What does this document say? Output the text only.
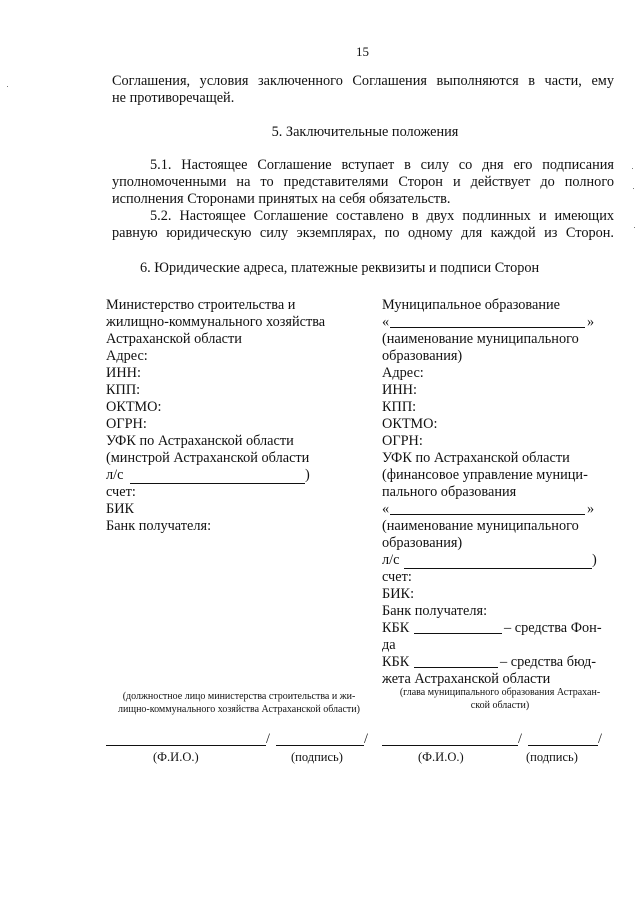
15
Соглашения, условия заключенного Соглашения выполняются в части, ему
не противоречащей.
5. Заключительные положения
5.1. Настоящее Соглашение вступает в силу со дня его подписания
уполномоченными на то представителями Сторон и действует до полного
исполнения Сторонами принятых на себя обязательств.
5.2. Настоящее Соглашение составлено в двух подлинных и имеющих
равную юридическую силу экземплярах, по одному для каждой из Сторон.
6. Юридические адреса, платежные реквизиты и подписи Сторон
Министерство строительства и
жилищно-коммунального хозяйства
Астраханской области
Адрес:
ИНН:
КПП:
ОКТМО:
ОГРН:
УФК по Астраханской области
(минстрой Астраханской области
л/с
счет:
БИК
Банк получателя:
)
Муниципальное образование
«
(наименование муниципального
образования)
Адрес:
ИНН:
КПП:
ОКТМО:
ОГРН:
УФК по Астраханской области
(финансовое управление муници-
пального образования
«
(наименование муниципального
образования)
л/с
счет:
БИК:
Банк получателя:
КБК
да
КБК
жета Астраханской области
»
»
)
– средства Фон-
– средства бюд-
(должностное лицо министерства строительства и жи-
лищно-коммунального хозяйства Астраханской области)
(глава муниципального образования Астрахан-
ской области)
/	/
(Ф.И.О.)	(подпись)
/	/
(Ф.И.О.)	(подпись)
